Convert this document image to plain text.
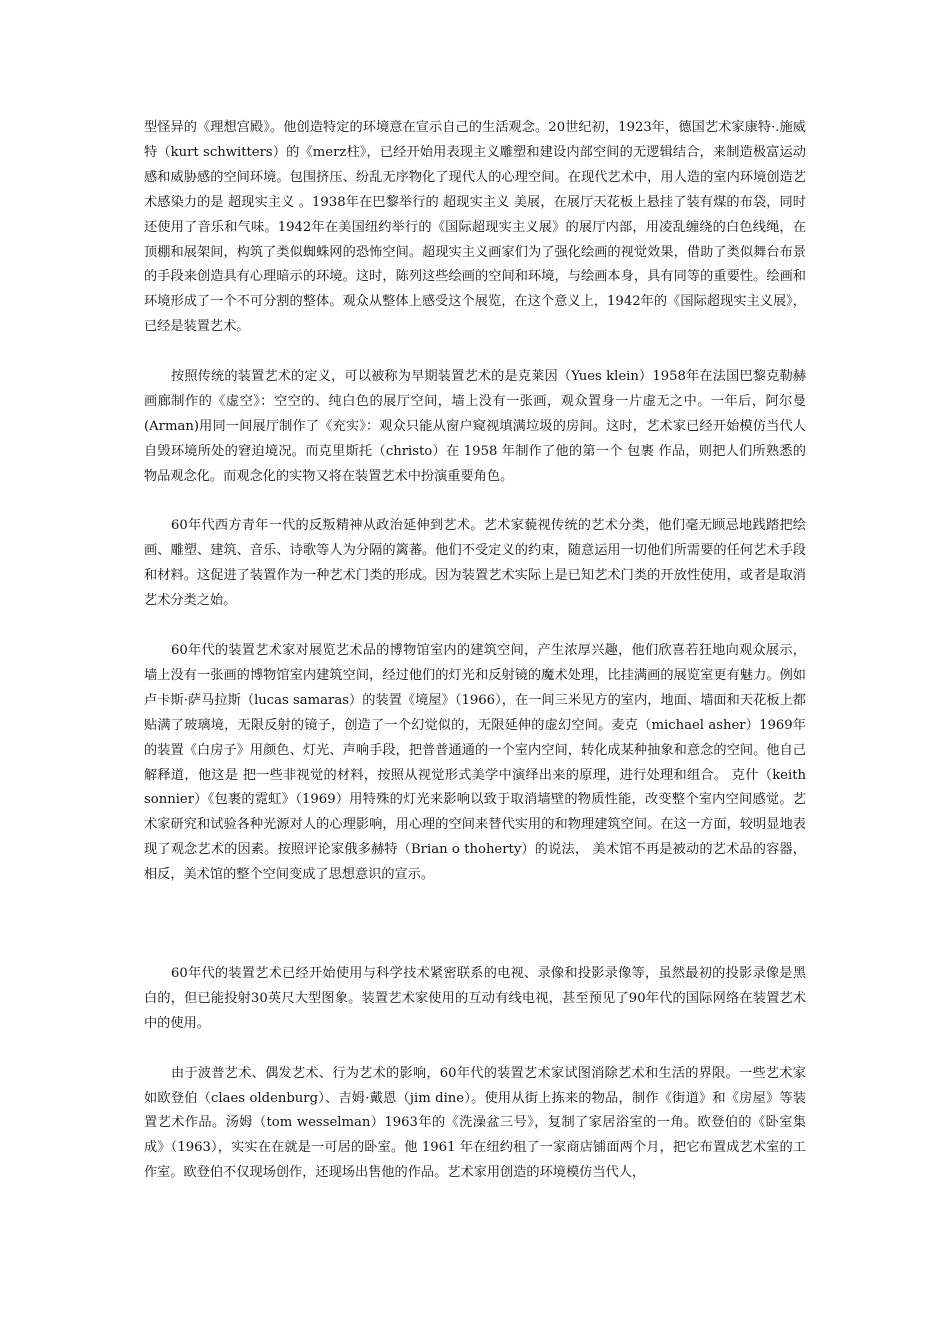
型怪异的《理想宫殿》。他创造特定的环境意在宣示自己的生活观念。20世纪初，1923年，德国艺术家康特·.施威特（kurt schwitters）的《merz柱》，已经开始用表现主义雕塑和建设内部空间的无逻辑结合，来制造极富运动感和威胁感的空间环境。包围挤压、纷乱无序物化了现代人的心理空间。在现代艺术中，用人造的室内环境创造艺术感染力的是 超现实主义 。1938年在巴黎举行的 超现实主义 美展，在展厅天花板上悬挂了装有煤的布袋，同时还使用了音乐和气味。1942年在美国纽约举行的《国际超现实主义展》的展厅内部，用凌乱缠绕的白色线绳，在顶棚和展架间，构筑了类似蜘蛛网的恐怖空间。超现实主义画家们为了强化绘画的视觉效果，借助了类似舞台布景的手段来创造具有心理暗示的环境。这时，陈列这些绘画的空间和环境，与绘画本身，具有同等的重要性。绘画和环境形成了一个不可分割的整体。观众从整体上感受这个展览，在这个意义上，1942年的《国际超现实主义展》，已经是装置艺术。

按照传统的装置艺术的定义，可以被称为早期装置艺术的是克莱因（Yues klein）1958年在法国巴黎克勒赫画廊制作的《虚空》：空空的、纯白色的展厅空间，墙上没有一张画，观众置身一片虚无之中。一年后，阿尔曼(Arman)用同一间展厅制作了《充实》：观众只能从窗户窥视填满垃圾的房间。这时，艺术家已经开始模仿当代人自毁环境所处的窘迫境况。而克里斯托（christo）在 1958 年制作了他的第一个 包裹 作品，则把人们所熟悉的物品观念化。而观念化的实物又将在装置艺术中扮演重要角色。

60年代西方青年一代的反叛精神从政治延伸到艺术。艺术家藐视传统的艺术分类，他们毫无顾忌地践踏把绘画、雕塑、建筑、音乐、诗歌等人为分隔的篱蕃。他们不受定义的约束，随意运用一切他们所需要的任何艺术手段和材料。这促进了装置作为一种艺术门类的形成。因为装置艺术实际上是已知艺术门类的开放性使用，或者是取消艺术分类之始。

60年代的装置艺术家对展览艺术品的博物馆室内的建筑空间，产生浓厚兴趣，他们欣喜若狂地向观众展示，墙上没有一张画的博物馆室内建筑空间，经过他们的灯光和反射镜的魔术处理，比挂满画的展览室更有魅力。例如卢卡斯·萨马拉斯（lucas samaras）的装置《境屋》（1966），在一间三米见方的室内，地面、墙面和天花板上都贴满了玻璃境，无限反射的镜子，创造了一个幻觉似的，无限延伸的虚幻空间。麦克（michael asher）1969年的装置《白房子》用颜色、灯光、声响手段，把普普通通的一个室内空间，转化成某种抽象和意念的空间。他自己解释道，他这是 把一些非视觉的材料，按照从视觉形式美学中演绎出来的原理，进行处理和组合。 克什（keith sonnier）《包裹的霓虹》（1969）用特殊的灯光来影响以致于取消墙壁的物质性能，改变整个室内空间感觉。艺术家研究和试验各种光源对人的心理影响，用心理的空间来替代实用的和物理建筑空间。在这一方面，较明显地表现了观念艺术的因素。按照评论家俄多赫特（Brian o thoherty）的说法， 美术馆不再是被动的艺术品的容器，相反，美术馆的整个空间变成了思想意识的宣示。

60年代的装置艺术已经开始使用与科学技术紧密联系的电视、录像和投影录像等，虽然最初的投影录像是黑白的，但已能投射30英尺大型图象。装置艺术家使用的互动有线电视，甚至预见了90年代的国际网络在装置艺术中的使用。

由于波普艺术、偶发艺术、行为艺术的影响，60年代的装置艺术家试图消除艺术和生活的界限。一些艺术家如欧登伯（claes oldenburg）、吉姆·戴恩（jim dine）。使用从街上拣来的物品，制作《街道》和《房屋》等装置艺术作品。汤姆（tom wesselman）1963年的《洗澡盆三号》，复制了家居浴室的一角。欧登伯的《卧室集成》（1963），实实在在就是一可居的卧室。他 1961 年在纽约租了一家商店铺面两个月，把它布置成艺术室的工作室。欧登伯不仅现场创作，还现场出售他的作品。艺术家用创造的环境模仿当代人，
